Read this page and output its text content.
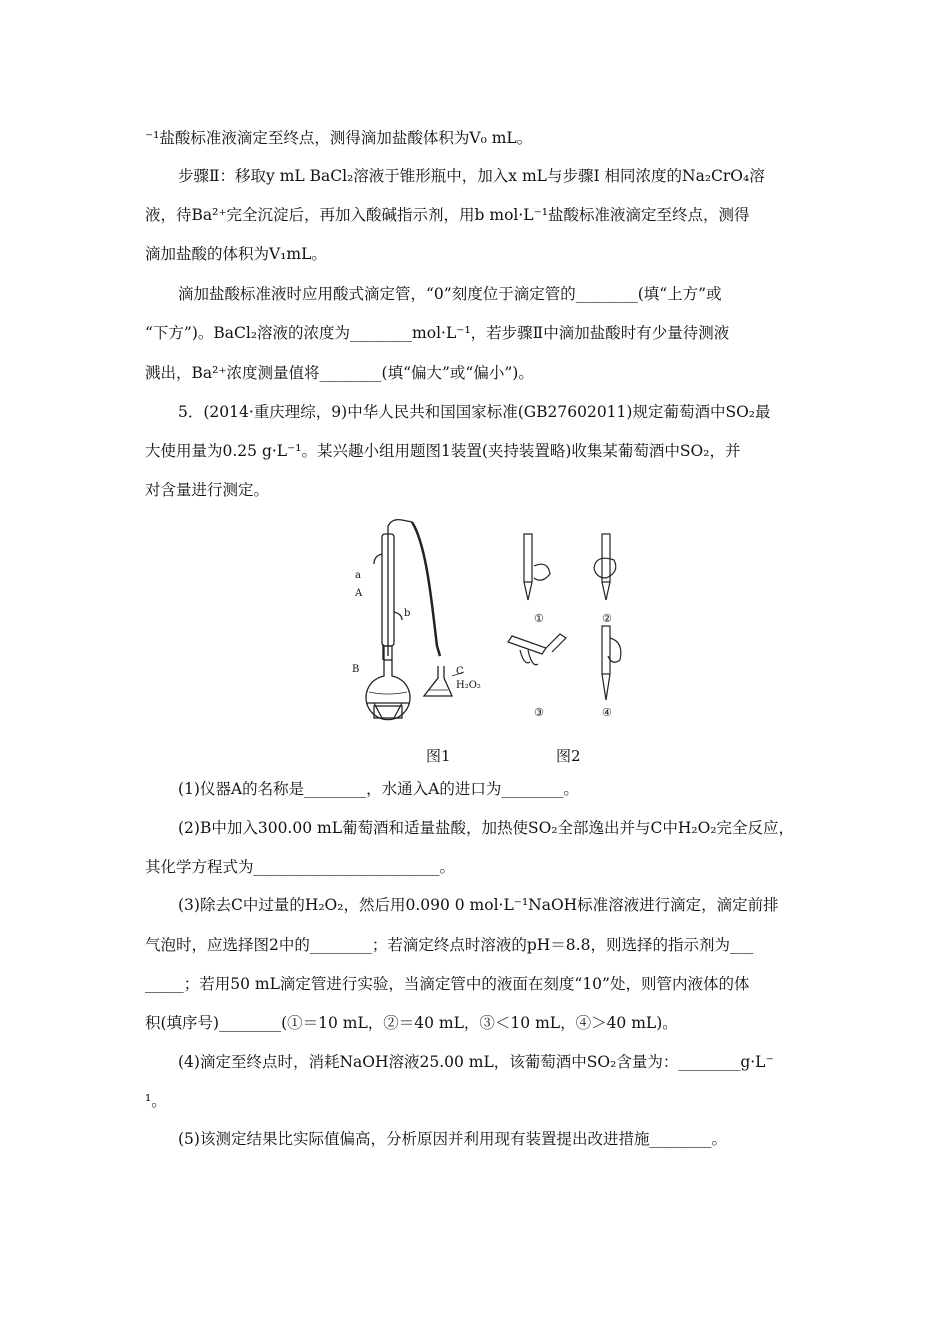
⁻¹盐酸标准液滴定至终点，测得滴加盐酸体积为V₀ mL。
步骤Ⅱ：移取y mL BaCl₂溶液于锥形瓶中，加入x mL与步骤Ⅰ 相同浓度的Na₂CrO₄溶
液，待Ba²⁺完全沉淀后，再加入酸碱指示剂，用b mol·L⁻¹盐酸标准液滴定至终点，测得
滴加盐酸的体积为V₁mL。
滴加盐酸标准液时应用酸式滴定管，“0”刻度位于滴定管的________(填“上方”或
“下方”)。BaCl₂溶液的浓度为________mol·L⁻¹，若步骤Ⅱ中滴加盐酸时有少量待测液
溅出，Ba²⁺浓度测量值将________(填“偏大”或“偏小”)。
5．(2014·重庆理综，9)中华人民共和国国家标准(GB27602011)规定葡萄酒中SO₂最
大使用量为0.25 g·L⁻¹。某兴趣小组用题图1装置(夹持装置略)收集某葡萄酒中SO₂，并
对含量进行测定。
a
A
b
B	C
H₂O₂
①	②
③	④
图1	图2
(1)仪器A的名称是________，水通入A的进口为________。
(2)B中加入300.00 mL葡萄酒和适量盐酸，加热使SO₂全部逸出并与C中H₂O₂完全反应，
其化学方程式为________________________。
(3)除去C中过量的H₂O₂，然后用0.090 0 mol·L⁻¹NaOH标准溶液进行滴定，滴定前排
气泡时，应选择图2中的________；若滴定终点时溶液的pH＝8.8，则选择的指示剂为___
_____；若用50 mL滴定管进行实验，当滴定管中的液面在刻度“10”处，则管内液体的体
积(填序号)________(①＝10 mL，②＝40 mL，③＜10 mL，④＞40 mL)。
(4)滴定至终点时，消耗NaOH溶液25.00 mL，该葡萄酒中SO₂含量为：________g·L⁻
¹。
(5)该测定结果比实际值偏高，分析原因并利用现有装置提出改进措施________。
